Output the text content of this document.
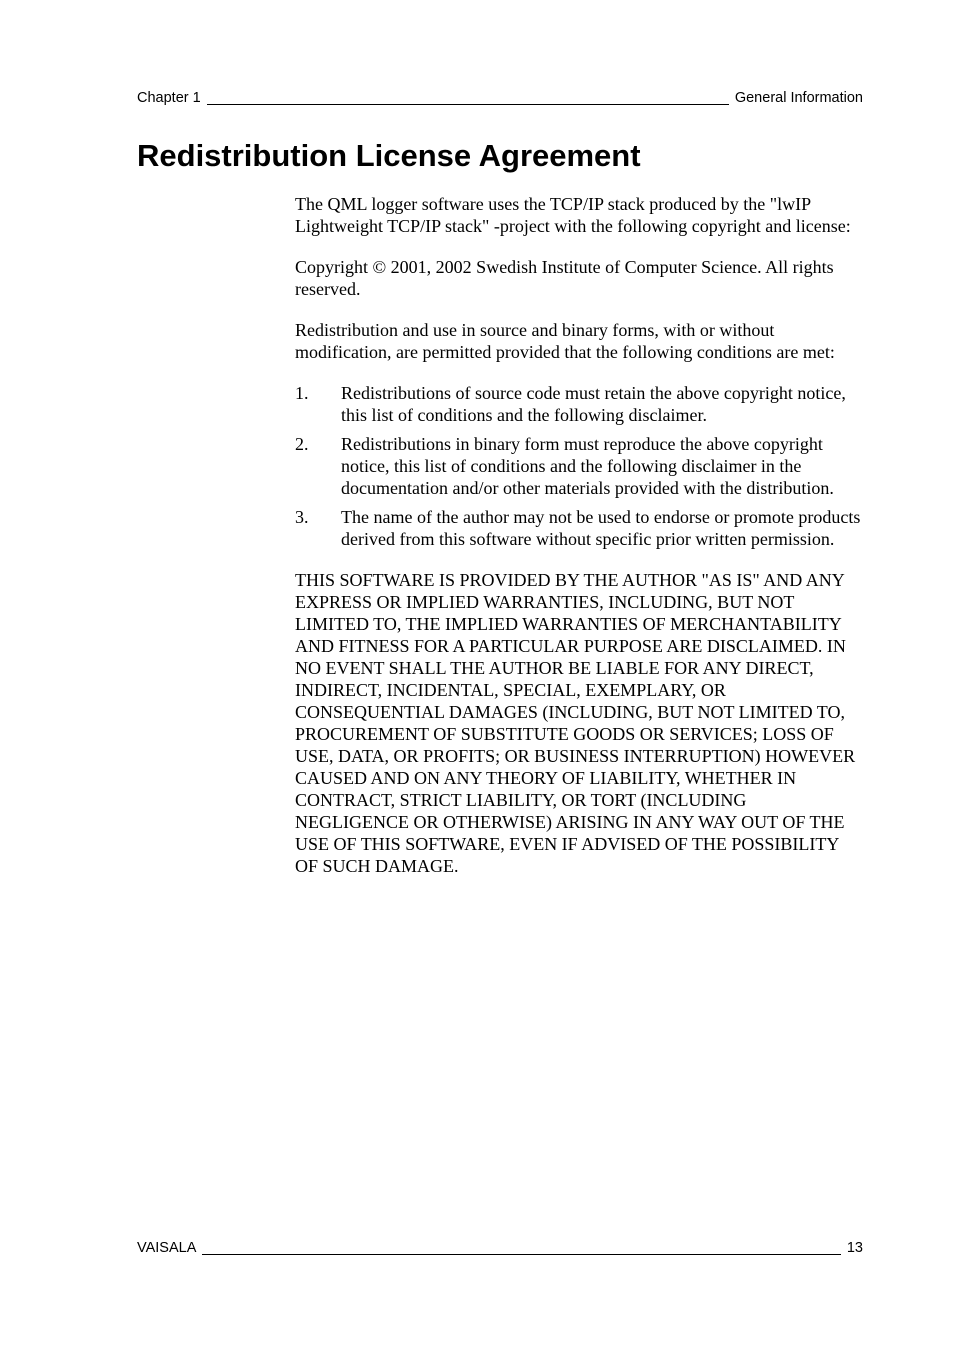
Chapter 1	General Information
Redistribution License Agreement

The QML logger software uses the TCP/IP stack produced by the "lwIP Lightweight TCP/IP stack" -project with the following copyright and license:

Copyright © 2001, 2002 Swedish Institute of Computer Science. All rights reserved.

Redistribution and use in source and binary forms, with or without modification, are permitted provided that the following conditions are met:

1.	Redistributions of source code must retain the above copyright notice, this list of conditions and the following disclaimer.
2.	Redistributions in binary form must reproduce the above copyright notice, this list of conditions and the following disclaimer in the documentation and/or other materials provided with the distribution.
3.	The name of the author may not be used to endorse or promote products derived from this software without specific prior written permission.

THIS SOFTWARE IS PROVIDED BY THE AUTHOR "AS IS" AND ANY EXPRESS OR IMPLIED WARRANTIES, INCLUDING, BUT NOT LIMITED TO, THE IMPLIED WARRANTIES OF MERCHANTABILITY AND FITNESS FOR A PARTICULAR PURPOSE ARE DISCLAIMED. IN NO EVENT SHALL THE AUTHOR BE LIABLE FOR ANY DIRECT, INDIRECT, INCIDENTAL, SPECIAL, EXEMPLARY, OR CONSEQUENTIAL DAMAGES (INCLUDING, BUT NOT LIMITED TO, PROCUREMENT OF SUBSTITUTE GOODS OR SERVICES; LOSS OF USE, DATA, OR PROFITS; OR BUSINESS INTERRUPTION) HOWEVER CAUSED AND ON ANY THEORY OF LIABILITY, WHETHER IN CONTRACT, STRICT LIABILITY, OR TORT (INCLUDING NEGLIGENCE OR OTHERWISE) ARISING IN ANY WAY OUT OF THE USE OF THIS SOFTWARE, EVEN IF ADVISED OF THE POSSIBILITY OF SUCH DAMAGE.

VAISALA	13
